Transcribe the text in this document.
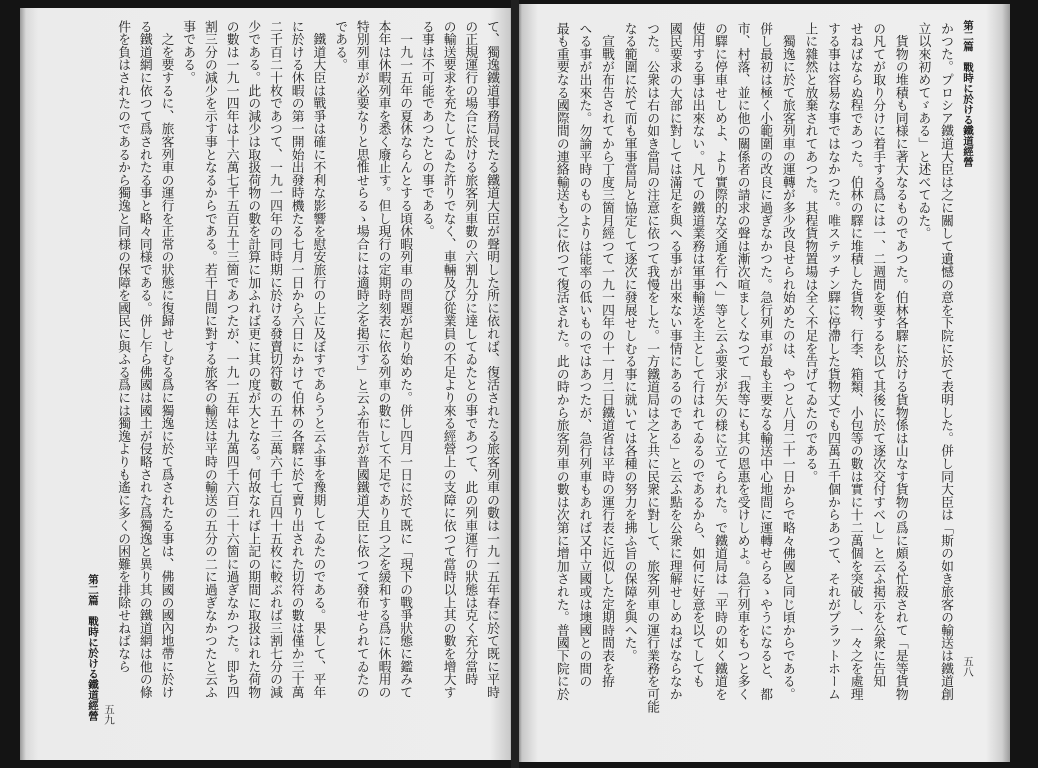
第二篇　戰時に於ける鐵道經營 五九
て、獨逸鐵道事務局長たる鐵道大臣が聲明した所に依れば、復活されたる旅客列車の數は一九一五年春に於て既に平時
の正規運行の場合に於ける旅客列車數の六割九分に達してゐたとの事であつて、此の列車運行の狀態は克く充分當時
の輸送要求を充たしてゐた許りでなく、車輛及び從業員の不足より來る經營上の支障に依つて當時以上其の數を增大す
る事は不可能であつたとの事である。
　一九一五年の夏休ならんとする頃休暇列車の問題が起り始めた。併し四月一日に於て既に「現下の戰爭狀態に鑑みて
本年は休暇列車を悉く廢止す。但し現行の定期時刻表に依る列車の數にして不足であり且つ之を緩和する爲に休暇用の
特別列車が必要なりと思惟せらるゝ場合には適時之を掲示す」と云ふ布告が普國鐵道大臣に依つて發布せられてゐたの
である。
　鐵道大臣は戰爭は確に不利な影響を慰安旅行の上に及ぼすであらうと云ふ事を豫期してゐたのである。果して、平年
に於ける休暇の第一開始出發時機たる七月一日から六日にかけて伯林の各驛に於て賣り出された切符の數は僅か三十萬
二千百二十枚であつて、一九一四年の同時期に於ける發賣切符數の五十三萬六千七百四十五枚に較ぶれば三割七分の減
少である。此の減少は取扱荷物の數を計算に加ふれば更に其の度が大となる。何故なれば上記の期間に取扱はれた荷物
の數は一九一四年は十六萬七千五百五十三箇であつたが、一九一五年は九萬四千六百二十六箇に過ぎなかつた。即ち四
割三分の減少を示す事となるからである。若干日間に對する旅客の輸送は平時の輸送の五分の二に過ぎなかつたと云ふ
事である。
　之を要するに、旅客列車の運行を正常の狀態に復歸せしむる爲に獨逸に於て爲されたる事は、佛國の國內地帶に於け
る鐵道網に依つて爲されたる事と略々同様である。併し乍ら佛國は國土が侵略された爲獨逸と異り其の鐵道網は他の條
件を負はされたのであるから獨逸と同様の保障を國民に與ふる爲には獨逸よりも遙に多くの困難を排除せねばなら	第二篇　戰時に於ける鐵道經營
五八
かつた。プロシア鐵道大臣は之に關して遺憾の意を下院に於て表明した。併し同大臣は「斯の如き旅客の輸送は鐵道創
立以來初めてゞある」と述べてゐた。
　貨物の堆積も同様に著大なるものであつた。伯林各驛に於ける貨物係は山なす貨物の爲に頗る忙殺されて「是等貨物
の凡てが取り分けに着手する爲には一、二週間を要するを以て其後に於て逐次交付すべし」と云ふ掲示を公衆に告知
せねばならぬ程であつた。伯林の驛に堆積した貨物、行李、箱類、小包等の數は實に十二萬個を突破し、一々之を處理
する事は容易な事ではなかつた。唯ステッチン驛に停滯した貨物丈でも四萬五千個からあつて、それがプラットホーム
上に雜然と放棄されてあつた。其程貨物置場は全く不足を告げてゐたのである。
　獨逸に於て旅客列車の運轉が多少改良せられ始めたのは、やつと八月二十一日からで略々佛國と同じ頃からである。
併し最初は極く小範圍の改良に過ぎなかつた。急行列車が最も主要なる輸送中心地間に運轉せらるゝやうになると、都
市、村落、並に他の關係者の請求の聲は漸次喧ましくなつて「我等にも其の恩惠を受けしめよ。急行列車をもつと多く
の驛に停車せしめよ、より實際的な交通を行へ」等と云ふ要求が矢の様に立てられた。で鐵道局は「平時の如く鐵道を
使用する事は出來ない。凡ての鐵道業務は軍事輸送を主として行はれてゐるのであるから、如何に好意を以てしても
國民要求の大部に對しては滿足を與へる事が出來ない事情にあるのである」と云ふ點を公衆に理解せしめねばならなか
つた。公衆は右の如き當局の注意に依つて我慢をした。一方鐵道局は之と共に民衆に對して、旅客列車の運行業務を可能
なる範圍に於て而も軍事當局と協定して逐次に發展せしむる事に就いては各種の努力を拂ふ旨の保障を與へた。
　宣戰が布告されてから丁度三箇月經つて一九一四年の十一月二日鐵道省は平時の運行表に近似した定期時間表を拵
へる事が出來た。勿論平時のものよりは能率の低いものではあつたが、急行列車もあれば又中立國或は墺國との間の
最も重要なる國際間の連絡輸送も之に依つて復活された。此の時から旅客列車の數は次第に增加された。普國下院に於
